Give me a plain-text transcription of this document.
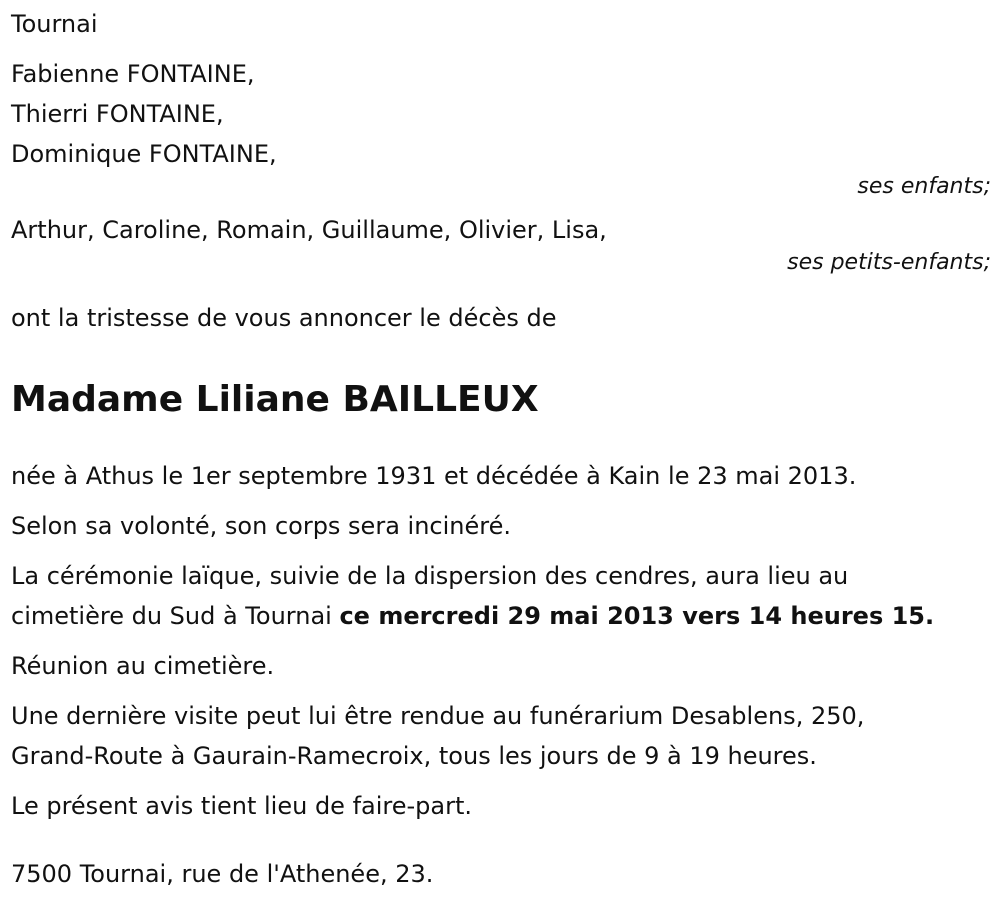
Tournai
Fabienne FONTAINE,
Thierri FONTAINE,
Dominique FONTAINE,
ses enfants;
Arthur, Caroline, Romain, Guillaume, Olivier, Lisa,
ses petits-enfants;
ont la tristesse de vous annoncer le décès de
Madame Liliane BAILLEUX
née à Athus le 1er septembre 1931 et décédée à Kain le 23 mai 2013.
Selon sa volonté, son corps sera incinéré.
La cérémonie laïque, suivie de la dispersion des cendres, aura lieu au
cimetière du Sud à Tournai ce mercredi 29 mai 2013 vers 14 heures 15.
Réunion au cimetière.
Une dernière visite peut lui être rendue au funérarium Desablens, 250,
Grand-Route à Gaurain-Ramecroix, tous les jours de 9 à 19 heures.
Le présent avis tient lieu de faire-part.
7500 Tournai, rue de l'Athenée, 23.
